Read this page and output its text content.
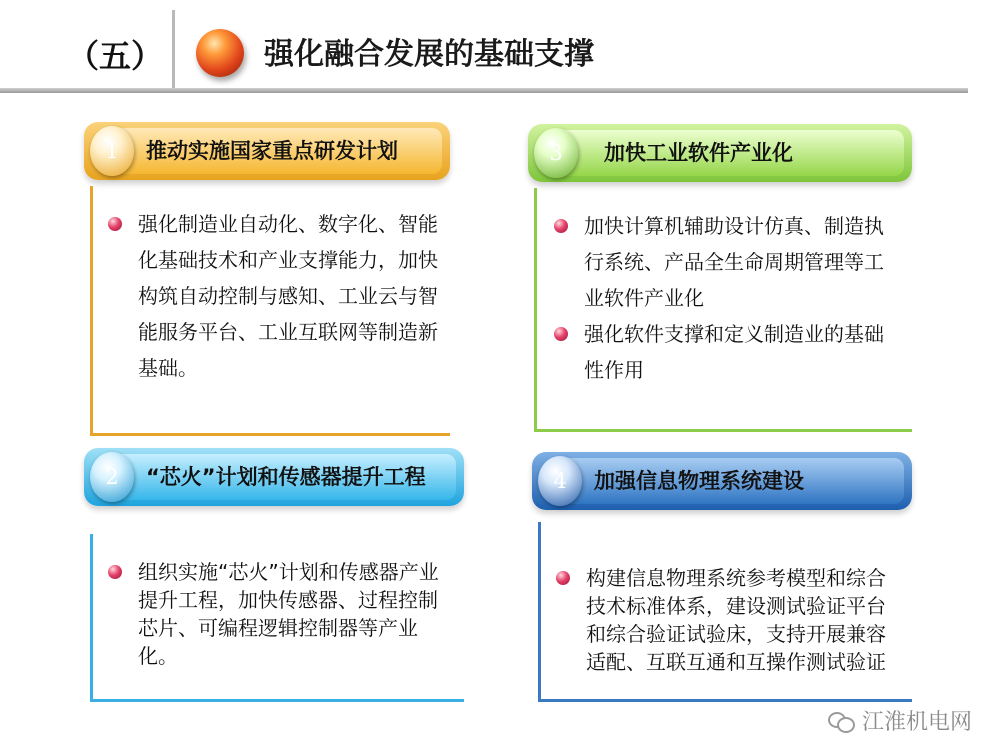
（五）	强化融合发展的基础支撑
1	推动实施国家重点研发计划
强化制造业自动化、数字化、智能化基础技术和产业支撑能力，加快构筑自动控制与感知、工业云与智能服务平台、工业互联网等制造新基础。
2	“芯火”计划和传感器提升工程
组织实施“芯火”计划和传感器产业提升工程，加快传感器、过程控制芯片、可编程逻辑控制器等产业化。
3	加快工业软件产业化
加快计算机辅助设计仿真、制造执行系统、产品全生命周期管理等工业软件产业化
强化软件支撑和定义制造业的基础性作用
4	加强信息物理系统建设
构建信息物理系统参考模型和综合技术标准体系，建设测试验证平台和综合验证试验床，支持开展兼容适配、互联互通和互操作测试验证
江淮机电网
